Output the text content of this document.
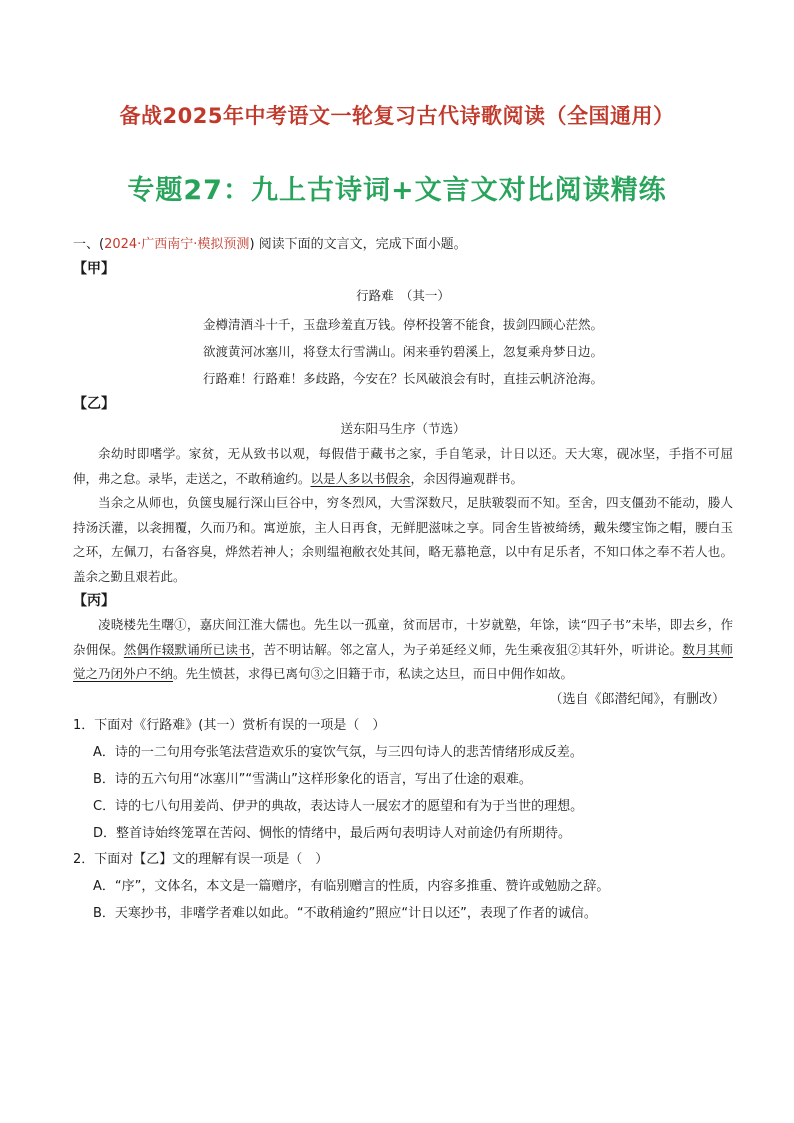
备战2025年中考语文一轮复习古代诗歌阅读（全国通用）
专题27：九上古诗词+文言文对比阅读精练
一、(2024·广西南宁·模拟预测) 阅读下面的文言文，完成下面小题。
【甲】
行路难　（其一）
金樽清酒斗十千，玉盘珍羞直万钱。停杯投箸不能食，拔剑四顾心茫然。
欲渡黄河冰塞川，将登太行雪满山。闲来垂钓碧溪上，忽复乘舟梦日边。
行路难！行路难！多歧路，今安在？长风破浪会有时，直挂云帆济沧海。
【乙】
送东阳马生序（节选）

余幼时即嗜学。家贫，无从致书以观，每假借于藏书之家，手自笔录，计日以还。天大寒，砚冰坚，手指不可屈伸，弗之怠。录毕，走送之，不敢稍逾约。以是人多以书假余，余因得遍观群书。

当余之从师也，负箧曳屣行深山巨谷中，穷冬烈风，大雪深数尺，足肤皲裂而不知。至舍，四支僵劲不能动，媵人持汤沃灌，以衾拥覆，久而乃和。寓逆旅，主人日再食，无鲜肥滋味之享。同舍生皆被绮绣，戴朱缨宝饰之帽，腰白玉之环，左佩刀，右备容臭，烨然若神人；余则缊袍敝衣处其间，略无慕艳意，以中有足乐者，不知口体之奉不若人也。盖余之勤且艰若此。

【丙】

凌晓楼先生曙①，嘉庆间江淮大儒也。先生以一孤童，贫而居市，十岁就塾，年馀，读“四子书”未毕，即去乡，作杂佣保。然偶作辍默诵所已读书，苦不明诂解。邻之富人，为子弟延经义师，先生乘夜狙②其轩外，听讲论。数月其师觉之乃闭外户不纳。先生愤甚，求得已离句③之旧籍于市，私读之达旦，而日中佣作如故。

（选自《郎潜纪闻》，有删改）
1．下面对《行路难》(其一）赏析有误的一项是（　）
A．诗的一二句用夸张笔法营造欢乐的宴饮气氛，与三四句诗人的悲苦情绪形成反差。
B．诗的五六句用“冰塞川”“雪满山”这样形象化的语言，写出了仕途的艰难。
C．诗的七八句用姜尚、伊尹的典故，表达诗人一展宏才的愿望和有为于当世的理想。
D．整首诗始终笼罩在苦闷、惆怅的情绪中，最后两句表明诗人对前途仍有所期待。
2．下面对【乙】文的理解有误一项是（　）
A．“序”，文体名，本文是一篇赠序，有临别赠言的性质，内容多推重、赞许或勉励之辞。
B．天寒抄书，非嗜学者难以如此。“不敢稍逾约”照应“计日以还”，表现了作者的诚信。
